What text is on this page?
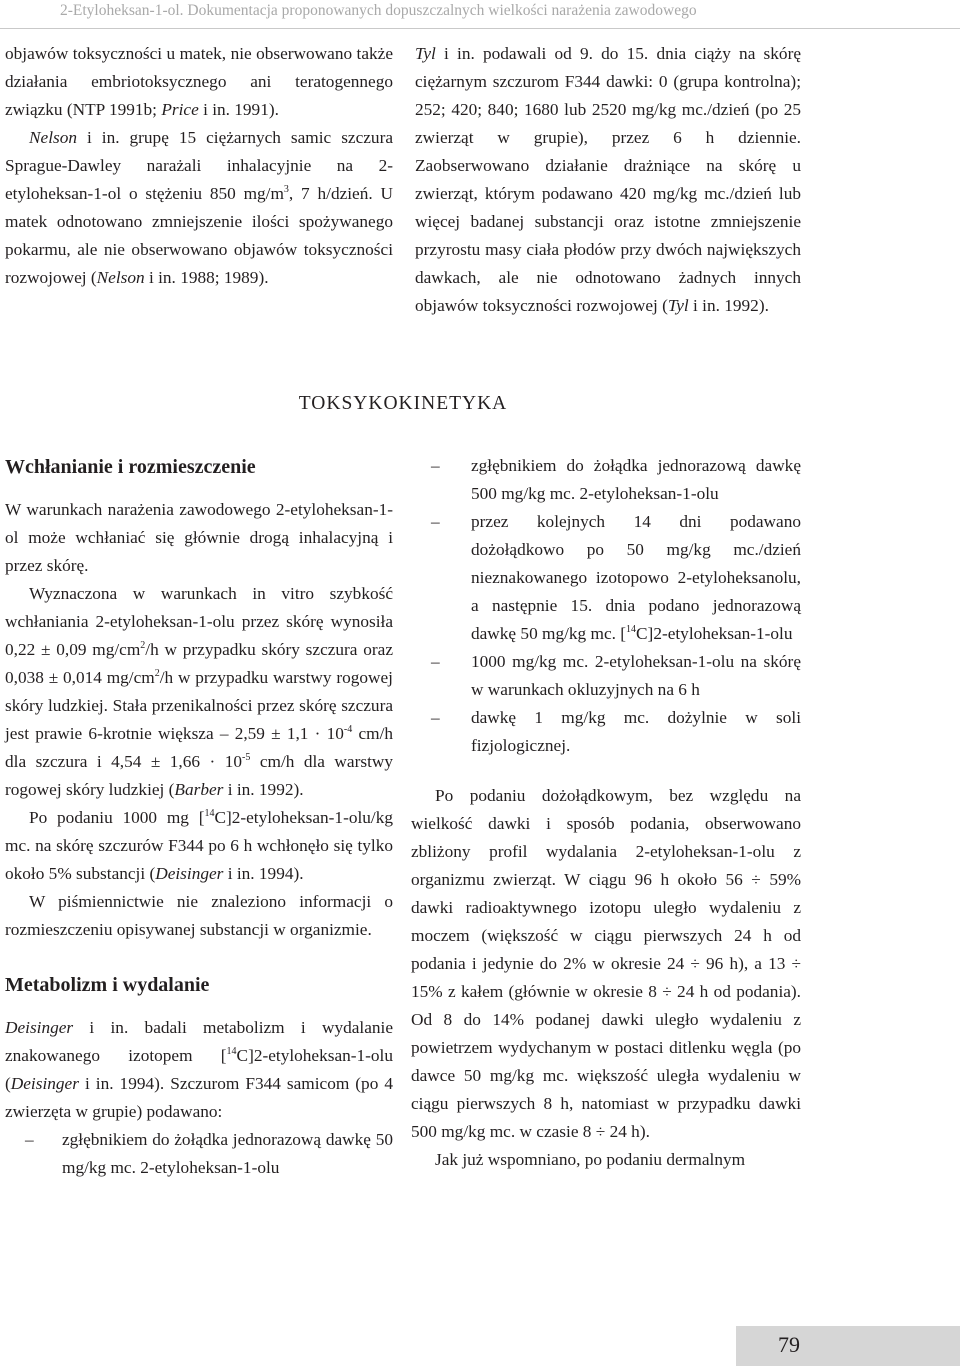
2-Etyloheksan-1-ol. Dokumentacja proponowanych dopuszczalnych wielkości narażenia zawodowego

objawów toksyczności u matek, nie obserwowano także działania embriotoksycznego ani teratogennego związku (NTP 1991b; Price i in. 1991).

Nelson i in. grupę 15 ciężarnych samic szczura Sprague-Dawley narażali inhalacyjnie na 2-etyloheksan-1-ol o stężeniu 850 $mg/m^3$, 7 h/dzień. U matek odnotowano zmniejszenie ilości spożywanego pokarmu, ale nie obserwowano objawów toksyczności rozwojowej (Nelson i in. 1988; 1989).

Tyl i in. podawali od 9. do 15. dnia ciąży na skórę ciężarnym szczurom F344 dawki: 0 (grupa kontrolna); 252; 420; 840; 1680 lub 2520 mg/kg mc./dzień (po 25 zwierząt w grupie), przez 6 h dziennie. Zaobserwowano działanie drażniące na skórę u zwierząt, którym podawano 420 mg/kg mc./dzień lub więcej badanej substancji oraz istotne zmniejszenie przyrostu masy ciała płodów przy dwóch największych dawkach, ale nie odnotowano żadnych innych objawów toksyczności rozwojowej (Tyl i in. 1992).

TOKSYKOKINETYKA
Wchłanianie i rozmieszczenie

W warunkach narażenia zawodowego 2-etyloheksan-1-ol może wchłaniać się głównie drogą inhalacyjną i przez skórę.

Wyznaczona w warunkach in vitro szybkość wchłaniania 2-etyloheksan-1-olu przez skórę wynosiła 0,22 ± 0,09 $mg/cm^2/h$ w przypadku skóry szczura oraz 0,038 ± 0,014 $mg/cm^2/h$ w przypadku warstwy rogowej skóry ludzkiej. Stała przenikalności przez skórę szczura jest prawie 6-krotnie większa – $2,59 \pm 1,1 \cdot 10^{-4}$ cm/h dla szczura i $4,54 \pm 1,66 \cdot 10^{-5}$ cm/h dla warstwy rogowej skóry ludzkiej (Barber i in. 1992).

Po podaniu 1000 mg [$^{14}$C]2-etyloheksan-1-olu/kg mc. na skórę szczurów F344 po 6 h wchłonęło się tylko około 5% substancji (Deisinger i in. 1994).

W piśmiennictwie nie znaleziono informacji o rozmieszczeniu opisywanej substancji w organizmie.

Metabolizm i wydalanie

Deisinger i in. badali metabolizm i wydalanie znakowanego izotopem [$^{14}$C]2-etyloheksan-1-olu (Deisinger i in. 1994). Szczurom F344 samicom (po 4 zwierzęta w grupie) podawano:

– zgłębnikiem do żołądka jednorazową dawkę 50 mg/kg mc. 2-etyloheksan-1-olu

– zgłębnikiem do żołądka jednorazową dawkę 500 mg/kg mc. 2-etyloheksan-1-olu

– przez kolejnych 14 dni podawano dożołądkowo po 50 mg/kg mc./dzień nieznakowanego izotopowo 2-etyloheksanolu, a następnie 15. dnia podano jednorazową dawkę 50 mg/kg mc. [$^{14}$C]2-etyloheksan-1-olu

– 1000 mg/kg mc. 2-etyloheksan-1-olu na skórę w warunkach okluzyjnych na 6 h

– dawkę 1 mg/kg mc. dożylnie w soli fizjologicznej.

Po podaniu dożołądkowym, bez względu na wielkość dawki i sposób podania, obserwowano zbliżony profil wydalania 2-etyloheksan-1-olu z organizmu zwierząt. W ciągu 96 h około 56 ÷ 59% dawki radioaktywnego izotopu uległo wydaleniu z moczem (większość w ciągu pierwszych 24 h od podania i jedynie do 2% w okresie 24 ÷ 96 h), a 13 ÷ 15% z kałem (głównie w okresie 8 ÷ 24 h od podania). Od 8 do 14% podanej dawki uległo wydaleniu z powietrzem wydychanym w postaci ditlenku węgla (po dawce 50 mg/kg mc. większość uległa wydaleniu w ciągu pierwszych 8 h, natomiast w przypadku dawki 500 mg/kg mc. w czasie 8 ÷ 24 h).

Jak już wspomniano, po podaniu dermalnym

79
